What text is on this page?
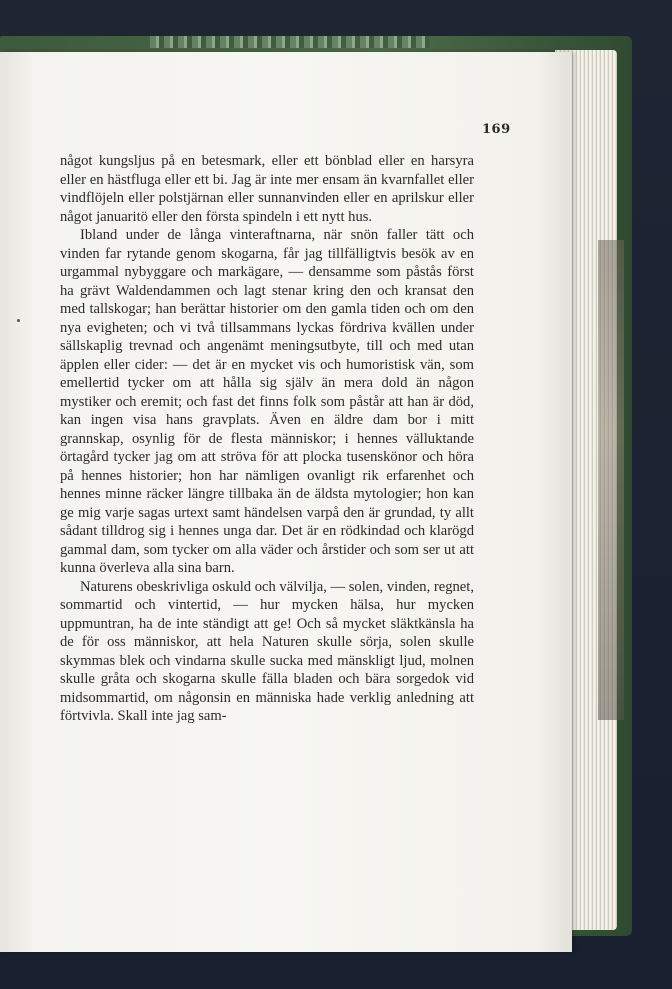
169

något kungsljus på en betesmark, eller ett bönblad eller en harsyra eller en hästfluga eller ett bi. Jag är inte mer ensam än kvarnfallet eller vindflöjeln eller polstjärnan eller sunnanvinden eller en aprilskur eller något januaritö eller den första spindeln i ett nytt hus.

Ibland under de långa vinteraftnarna, när snön faller tätt och vinden far rytande genom skogarna, får jag tillfälligtvis besök av en urgammal nybyggare och markägare, — densamme som påstås först ha grävt Waldendammen och lagt stenar kring den och kransat den med tallskogar; han berättar historier om den gamla tiden och om den nya evigheten; och vi två tillsammans lyckas fördriva kvällen under sällskaplig trevnad och angenämt meningsutbyte, till och med utan äpplen eller cider: — det är en mycket vis och humoristisk vän, som emellertid tycker om att hålla sig själv än mera dold än någon mystiker och eremit; och fast det finns folk som påstår att han är död, kan ingen visa hans gravplats. Även en äldre dam bor i mitt grannskap, osynlig för de flesta människor; i hennes välluktande örtagård tycker jag om att ströva för att plocka tusenskönor och höra på hennes historier; hon har nämligen ovanligt rik erfarenhet och hennes minne räcker längre tillbaka än de äldsta mytologier; hon kan ge mig varje sagas urtext samt händelsen varpå den är grundad, ty allt sådant tilldrog sig i hennes unga dar. Det är en rödkindad och klarögd gammal dam, som tycker om alla väder och årstider och som ser ut att kunna överleva alla sina barn.

Naturens obeskrivliga oskuld och välvilja, — solen, vinden, regnet, sommartid och vintertid, — hur mycken hälsa, hur mycken uppmuntran, ha de inte ständigt att ge! Och så mycket släktkänsla ha de för oss människor, att hela Naturen skulle sörja, solen skulle skymmas blek och vindarna skulle sucka med mänskligt ljud, molnen skulle gråta och skogarna skulle fälla bladen och bära sorgedok vid midsommartid, om någonsin en människa hade verklig anledning att förtvivla. Skall inte jag sam-
